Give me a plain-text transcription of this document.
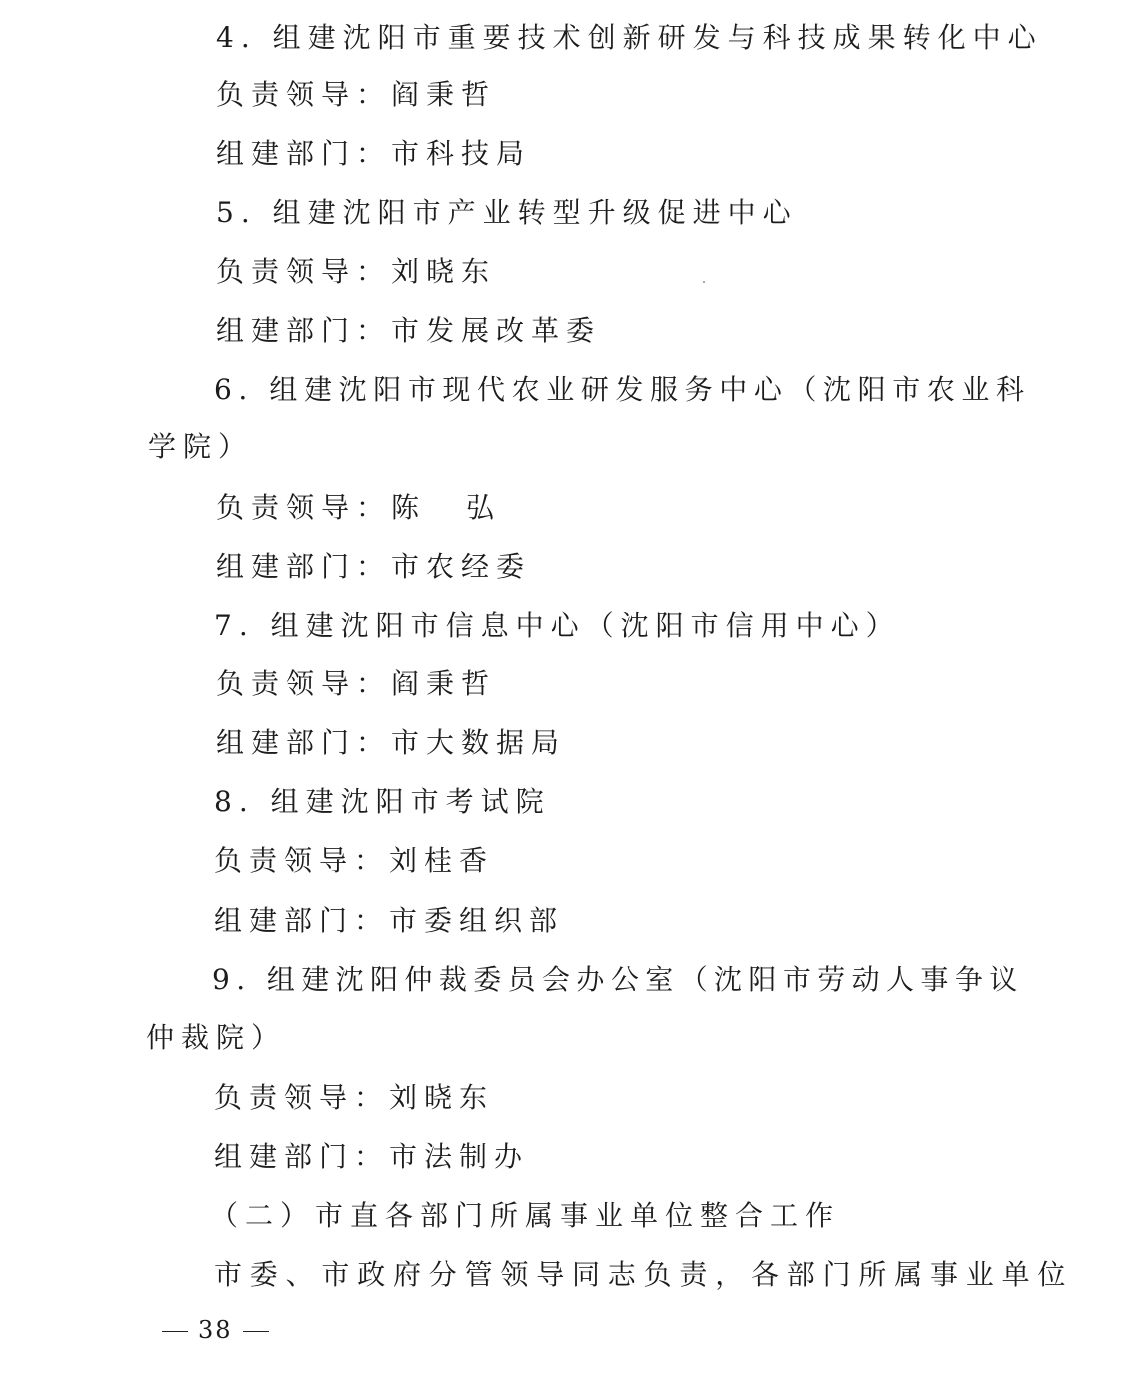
4. 组建沈阳市重要技术创新研发与科技成果转化中心
负责领导：阎秉哲
组建部门：市科技局
5. 组建沈阳市产业转型升级促进中心
负责领导：刘晓东
组建部门：市发展改革委
6. 组建沈阳市现代农业研发服务中心（沈阳市农业科
学院）
负责领导：陈 弘
组建部门：市农经委
7. 组建沈阳市信息中心（沈阳市信用中心）
负责领导：阎秉哲
组建部门：市大数据局
8. 组建沈阳市考试院
负责领导：刘桂香
组建部门：市委组织部
9. 组建沈阳仲裁委员会办公室（沈阳市劳动人事争议
仲裁院）
负责领导：刘晓东
组建部门：市法制办
（二）市直各部门所属事业单位整合工作
市委、市政府分管领导同志负责，各部门所属事业单位
38
